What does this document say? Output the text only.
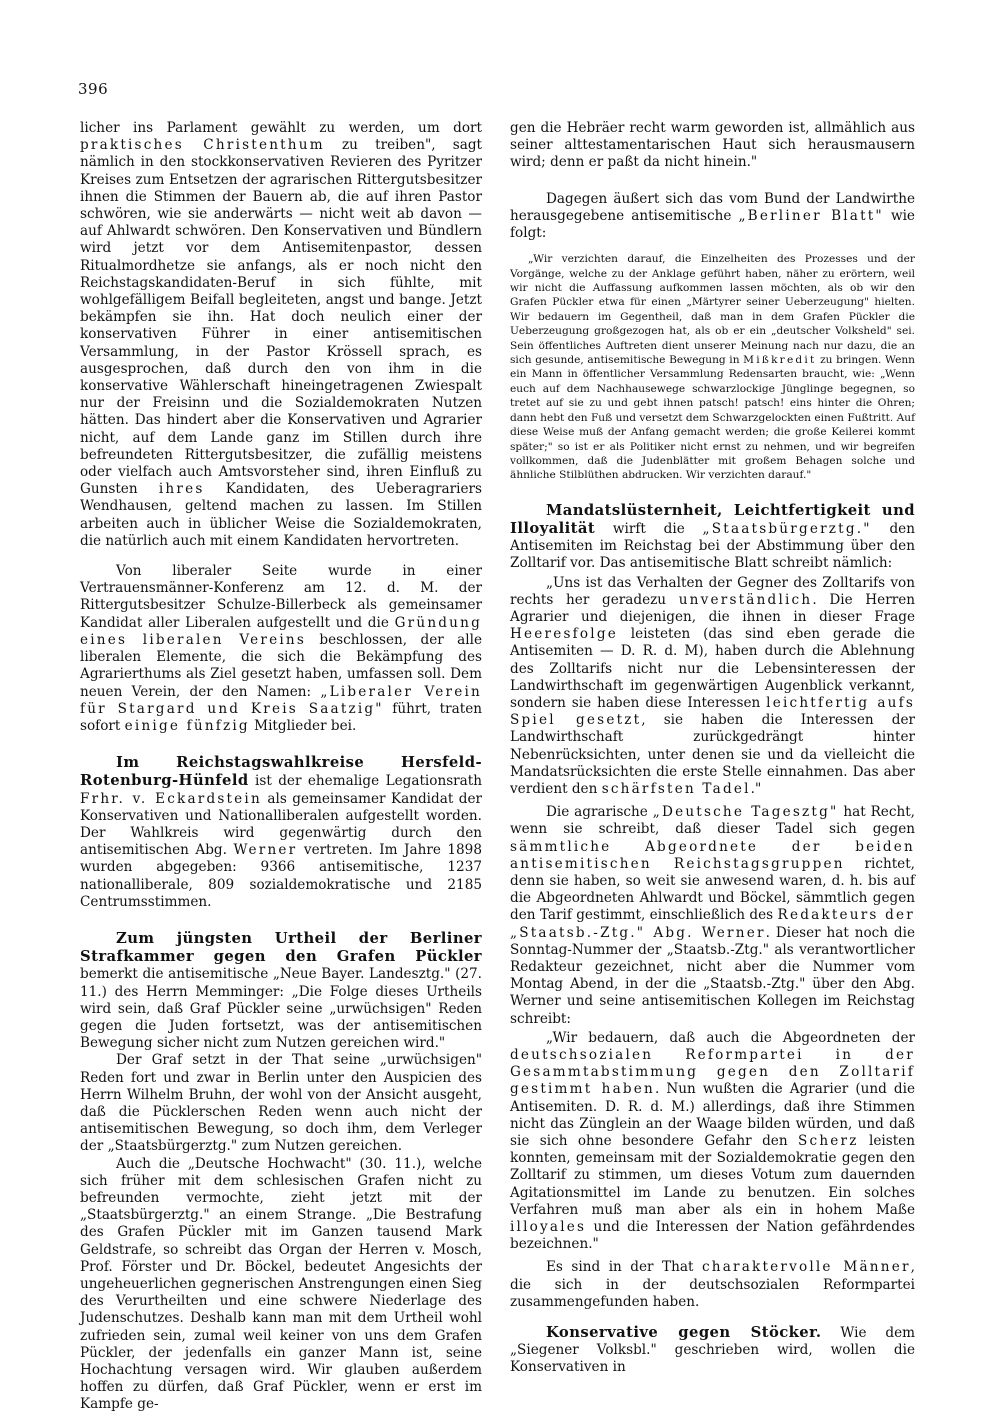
396

licher ins Parlament gewählt zu werden, um dort praktisches Christenthum zu treiben", sagt nämlich in den stockkonservativen Revieren des Pyritzer Kreises zum Entsetzen der agrarischen Rittergutsbesitzer ihnen die Stimmen der Bauern ab, die auf ihren Pastor schwören, wie sie anderwärts — nicht weit ab davon — auf Ahlwardt schwören. Den Konservativen und Bündlern wird jetzt vor dem Antisemitenpastor, dessen Ritualmordhetze sie anfangs, als er noch nicht den Reichstagskandidaten-Beruf in sich fühlte, mit wohlgefälligem Beifall begleiteten, angst und bange. Jetzt bekämpfen sie ihn. Hat doch neulich einer der konservativen Führer in einer antisemitischen Versammlung, in der Pastor Krössell sprach, es ausgesprochen, daß durch den von ihm in die konservative Wählerschaft hineingetragenen Zwiespalt nur der Freisinn und die Sozialdemokraten Nutzen hätten. Das hindert aber die Konservativen und Agrarier nicht, auf dem Lande ganz im Stillen durch ihre befreundeten Rittergutsbesitzer, die zufällig meistens oder vielfach auch Amtsvorsteher sind, ihren Einfluß zu Gunsten ihres Kandidaten, des Ueberagrariers Wendhausen, geltend machen zu lassen. Im Stillen arbeiten auch in üblicher Weise die Sozialdemokraten, die natürlich auch mit einem Kandidaten hervortreten.

Von liberaler Seite wurde in einer Vertrauensmänner-Konferenz am 12. d. M. der Rittergutsbesitzer Schulze-Billerbeck als gemeinsamer Kandidat aller Liberalen aufgestellt und die Gründung eines liberalen Vereins beschlossen, der alle liberalen Elemente, die sich die Bekämpfung des Agrarierthums als Ziel gesetzt haben, umfassen soll. Dem neuen Verein, der den Namen: „Liberaler Verein für Stargard und Kreis Saatzig" führt, traten sofort einige fünfzig Mitglieder bei.

Im Reichstagswahlkreise Hersfeld-Rotenburg-Hünfeld ist der ehemalige Legationsrath Frhr. v. Eckardstein als gemeinsamer Kandidat der Konservativen und Nationalliberalen aufgestellt worden. Der Wahlkreis wird gegenwärtig durch den antisemitischen Abg. Werner vertreten. Im Jahre 1898 wurden abgegeben: 9366 antisemitische, 1237 nationalliberale, 809 sozialdemokratische und 2185 Centrumsstimmen.

Zum jüngsten Urtheil der Berliner Strafkammer gegen den Grafen Pückler bemerkt die antisemitische „Neue Bayer. Landesztg." (27. 11.) des Herrn Memminger: „Die Folge dieses Urtheils wird sein, daß Graf Pückler seine „urwüchsigen" Reden gegen die Juden fortsetzt, was der antisemitischen Bewegung sicher nicht zum Nutzen gereichen wird."

Der Graf setzt in der That seine „urwüchsigen" Reden fort und zwar in Berlin unter den Auspicien des Herrn Wilhelm Bruhn, der wohl von der Ansicht ausgeht, daß die Pücklerschen Reden wenn auch nicht der antisemitischen Bewegung, so doch ihm, dem Verleger der „Staatsbürgerztg." zum Nutzen gereichen.

Auch die „Deutsche Hochwacht" (30. 11.), welche sich früher mit dem schlesischen Grafen nicht zu befreunden vermochte, zieht jetzt mit der „Staatsbürgerztg." an einem Strange. „Die Bestrafung des Grafen Pückler mit im Ganzen tausend Mark Geldstrafe, so schreibt das Organ der Herren v. Mosch, Prof. Förster und Dr. Böckel, bedeutet Angesichts der ungeheuerlichen gegnerischen Anstrengungen einen Sieg des Verurtheilten und eine schwere Niederlage des Judenschutzes. Deshalb kann man mit dem Urtheil wohl zufrieden sein, zumal weil keiner von uns dem Grafen Pückler, der jedenfalls ein ganzer Mann ist, seine Hochachtung versagen wird. Wir glauben außerdem hoffen zu dürfen, daß Graf Pückler, wenn er erst im Kampfe ge-

gen die Hebräer recht warm geworden ist, allmählich aus seiner alttestamentarischen Haut sich herausmausern wird; denn er paßt da nicht hinein."

Dagegen äußert sich das vom Bund der Landwirthe herausgegebene antisemitische „Berliner Blatt" wie folgt:

„Wir verzichten darauf, die Einzelheiten des Prozesses und der Vorgänge, welche zu der Anklage geführt haben, näher zu erörtern, weil wir nicht die Auffassung aufkommen lassen möchten, als ob wir den Grafen Pückler etwa für einen „Märtyrer seiner Ueberzeugung" hielten. Wir bedauern im Gegentheil, daß man in dem Grafen Pückler die Ueberzeugung großgezogen hat, als ob er ein „deutscher Volksheld" sei. Sein öffentliches Auftreten dient unserer Meinung nach nur dazu, die an sich gesunde, antisemitische Bewegung in Mißkredit zu bringen. Wenn ein Mann in öffentlicher Versammlung Redensarten braucht, wie: „Wenn euch auf dem Nachhausewege schwarzlockige Jünglinge begegnen, so tretet auf sie zu und gebt ihnen patsch! patsch! eins hinter die Ohren; dann hebt den Fuß und versetzt dem Schwarzgelockten einen Fußtritt. Auf diese Weise muß der Anfang gemacht werden; die große Keilerei kommt später;" so ist er als Politiker nicht ernst zu nehmen, und wir begreifen vollkommen, daß die Judenblätter mit großem Behagen solche und ähnliche Stilblüthen abdrucken. Wir verzichten darauf."

Mandatslüsternheit, Leichtfertigkeit und Illoyalität wirft die „Staatsbürgerztg." den Antisemiten im Reichstag bei der Abstimmung über den Zolltarif vor. Das antisemitische Blatt schreibt nämlich:

„Uns ist das Verhalten der Gegner des Zolltarifs von rechts her geradezu unverständlich. Die Herren Agrarier und diejenigen, die ihnen in dieser Frage Heeresfolge leisteten (das sind eben gerade die Antisemiten — D. R. d. M), haben durch die Ablehnung des Zolltarifs nicht nur die Lebensinteressen der Landwirthschaft im gegenwärtigen Augenblick verkannt, sondern sie haben diese Interessen leichtfertig aufs Spiel gesetzt, sie haben die Interessen der Landwirthschaft zurückgedrängt hinter Nebenrücksichten, unter denen sie und da vielleicht die Mandatsrücksichten die erste Stelle einnahmen. Das aber verdient den schärfsten Tadel."

Die agrarische „Deutsche Tagesztg" hat Recht, wenn sie schreibt, daß dieser Tadel sich gegen sämmtliche Abgeordnete der beiden antisemitischen Reichstagsgruppen richtet, denn sie haben, so weit sie anwesend waren, d. h. bis auf die Abgeordneten Ahlwardt und Böckel, sämmtlich gegen den Tarif gestimmt, einschließlich des Redakteurs der „Staatsb.-Ztg." Abg. Werner. Dieser hat noch die Sonntag-Nummer der „Staatsb.-Ztg." als verantwortlicher Redakteur gezeichnet, nicht aber die Nummer vom Montag Abend, in der die „Staatsb.-Ztg." über den Abg. Werner und seine antisemitischen Kollegen im Reichstag schreibt:

„Wir bedauern, daß auch die Abgeordneten der deutschsozialen Reformpartei in der Gesammtabstimmung gegen den Zolltarif gestimmt haben. Nun wußten die Agrarier (und die Antisemiten. D. R. d. M.) allerdings, daß ihre Stimmen nicht das Zünglein an der Waage bilden würden, und daß sie sich ohne besondere Gefahr den Scherz leisten konnten, gemeinsam mit der Sozialdemokratie gegen den Zolltarif zu stimmen, um dieses Votum zum dauernden Agitationsmittel im Lande zu benutzen. Ein solches Verfahren muß man aber als ein in hohem Maße illoyales und die Interessen der Nation gefährdendes bezeichnen."

Es sind in der That charaktervolle Männer, die sich in der deutschsozialen Reformpartei zusammengefunden haben.

Konservative gegen Stöcker. Wie dem „Siegener Volksbl." geschrieben wird, wollen die Konservativen in
